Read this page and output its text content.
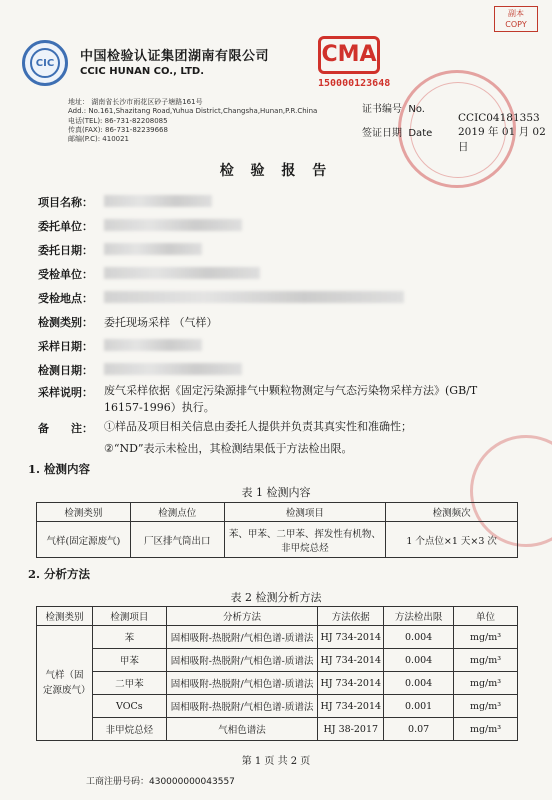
副本
COPY
CIC	中国检验认证集团湖南有限公司
CCIC HUNAN CO., LTD.
CMA
150000123648
地址： 湖南省长沙市雨花区砂子塘路161号
Add.: No.161,Shazitang Road,Yuhua District,Changsha,Hunan,P.R.China
电话(TEL): 86-731-82208085
传真(FAX): 86-731-82239668
邮编(P.C): 410021
证书编号 No.
CCIC04181353
签证日期 Date 2019 年 01 月 02 日
检 验 报 告
项目名称：
委托单位：
委托日期：
受检单位：
受检地点：
检测类别： 委托现场采样 （气样）
采样日期：
检测日期：
采样说明：	废气采样依据《固定污染源排气中颗粒物测定与气态污染物采样方法》(GB/T
16157-1996）执行。
备　　注：	①样品及项目相关信息由委托人提供并负责其真实性和准确性；
②“ND”表示未检出，其检测结果低于方法检出限。
1. 检测内容
表 1 检测内容
检测类别	检测点位	检测项目	检测频次
气样(固定源废气)	厂区排气筒出口	苯、甲苯、二甲苯、挥发性有机物、
非甲烷总烃	1 个点位×1 天×3 次
2. 分析方法
表 2 检测分析方法
检测类别	检测项目	分析方法	方法依据	方法检出限	单位
气样（固定源废气）	苯	固相吸附-热脱附/气相色谱-质谱法	HJ 734-2014	0.004	mg/m³
	甲苯	固相吸附-热脱附/气相色谱-质谱法	HJ 734-2014	0.004	mg/m³
	二甲苯	固相吸附-热脱附/气相色谱-质谱法	HJ 734-2014	0.004	mg/m³
	VOCs	固相吸附-热脱附/气相色谱-质谱法	HJ 734-2014	0.001	mg/m³
	非甲烷总烃	气相色谱法	HJ 38-2017	0.07	mg/m³
第 1 页 共 2 页
工商注册号码：430000000043557
